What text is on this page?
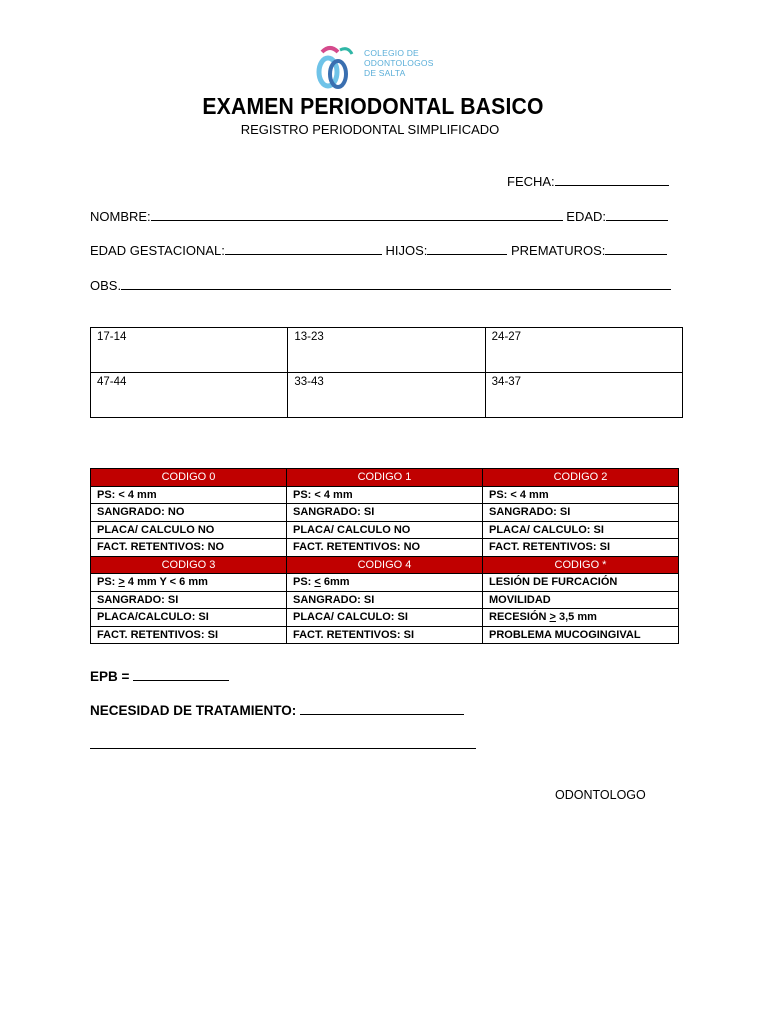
COLEGIO DE
ODONTOLOGOS
DE SALTA
EXAMEN PERIODONTAL BASICO
REGISTRO PERIODONTAL SIMPLIFICADO
FECHA:
NOMBRE:	EDAD:
EDAD GESTACIONAL:	HIJOS:	PREMATUROS:
OBS.
17-14	13-23	24-27
47-44	33-43	34-37
CODIGO 0	CODIGO 1	CODIGO 2
PS: < 4 mm	PS: < 4 mm	PS: < 4 mm
SANGRADO: NO	SANGRADO: SI	SANGRADO: SI
PLACA/ CALCULO NO	PLACA/ CALCULO NO	PLACA/ CALCULO: SI
FACT. RETENTIVOS: NO	FACT. RETENTIVOS: NO	FACT. RETENTIVOS: SI
CODIGO 3	CODIGO 4	CODIGO *
PS: > 4 mm Y < 6 mm	PS: < 6mm	LESIÓN DE FURCACIÓN
SANGRADO: SI	SANGRADO: SI	MOVILIDAD
PLACA/CALCULO: SI	PLACA/ CALCULO: SI	RECESIÓN ≥ 3,5 mm
FACT. RETENTIVOS: SI	FACT. RETENTIVOS: SI	PROBLEMA MUCOGINGIVAL
EPB =
NECESIDAD DE TRATAMIENTO:
ODONTOLOGO
